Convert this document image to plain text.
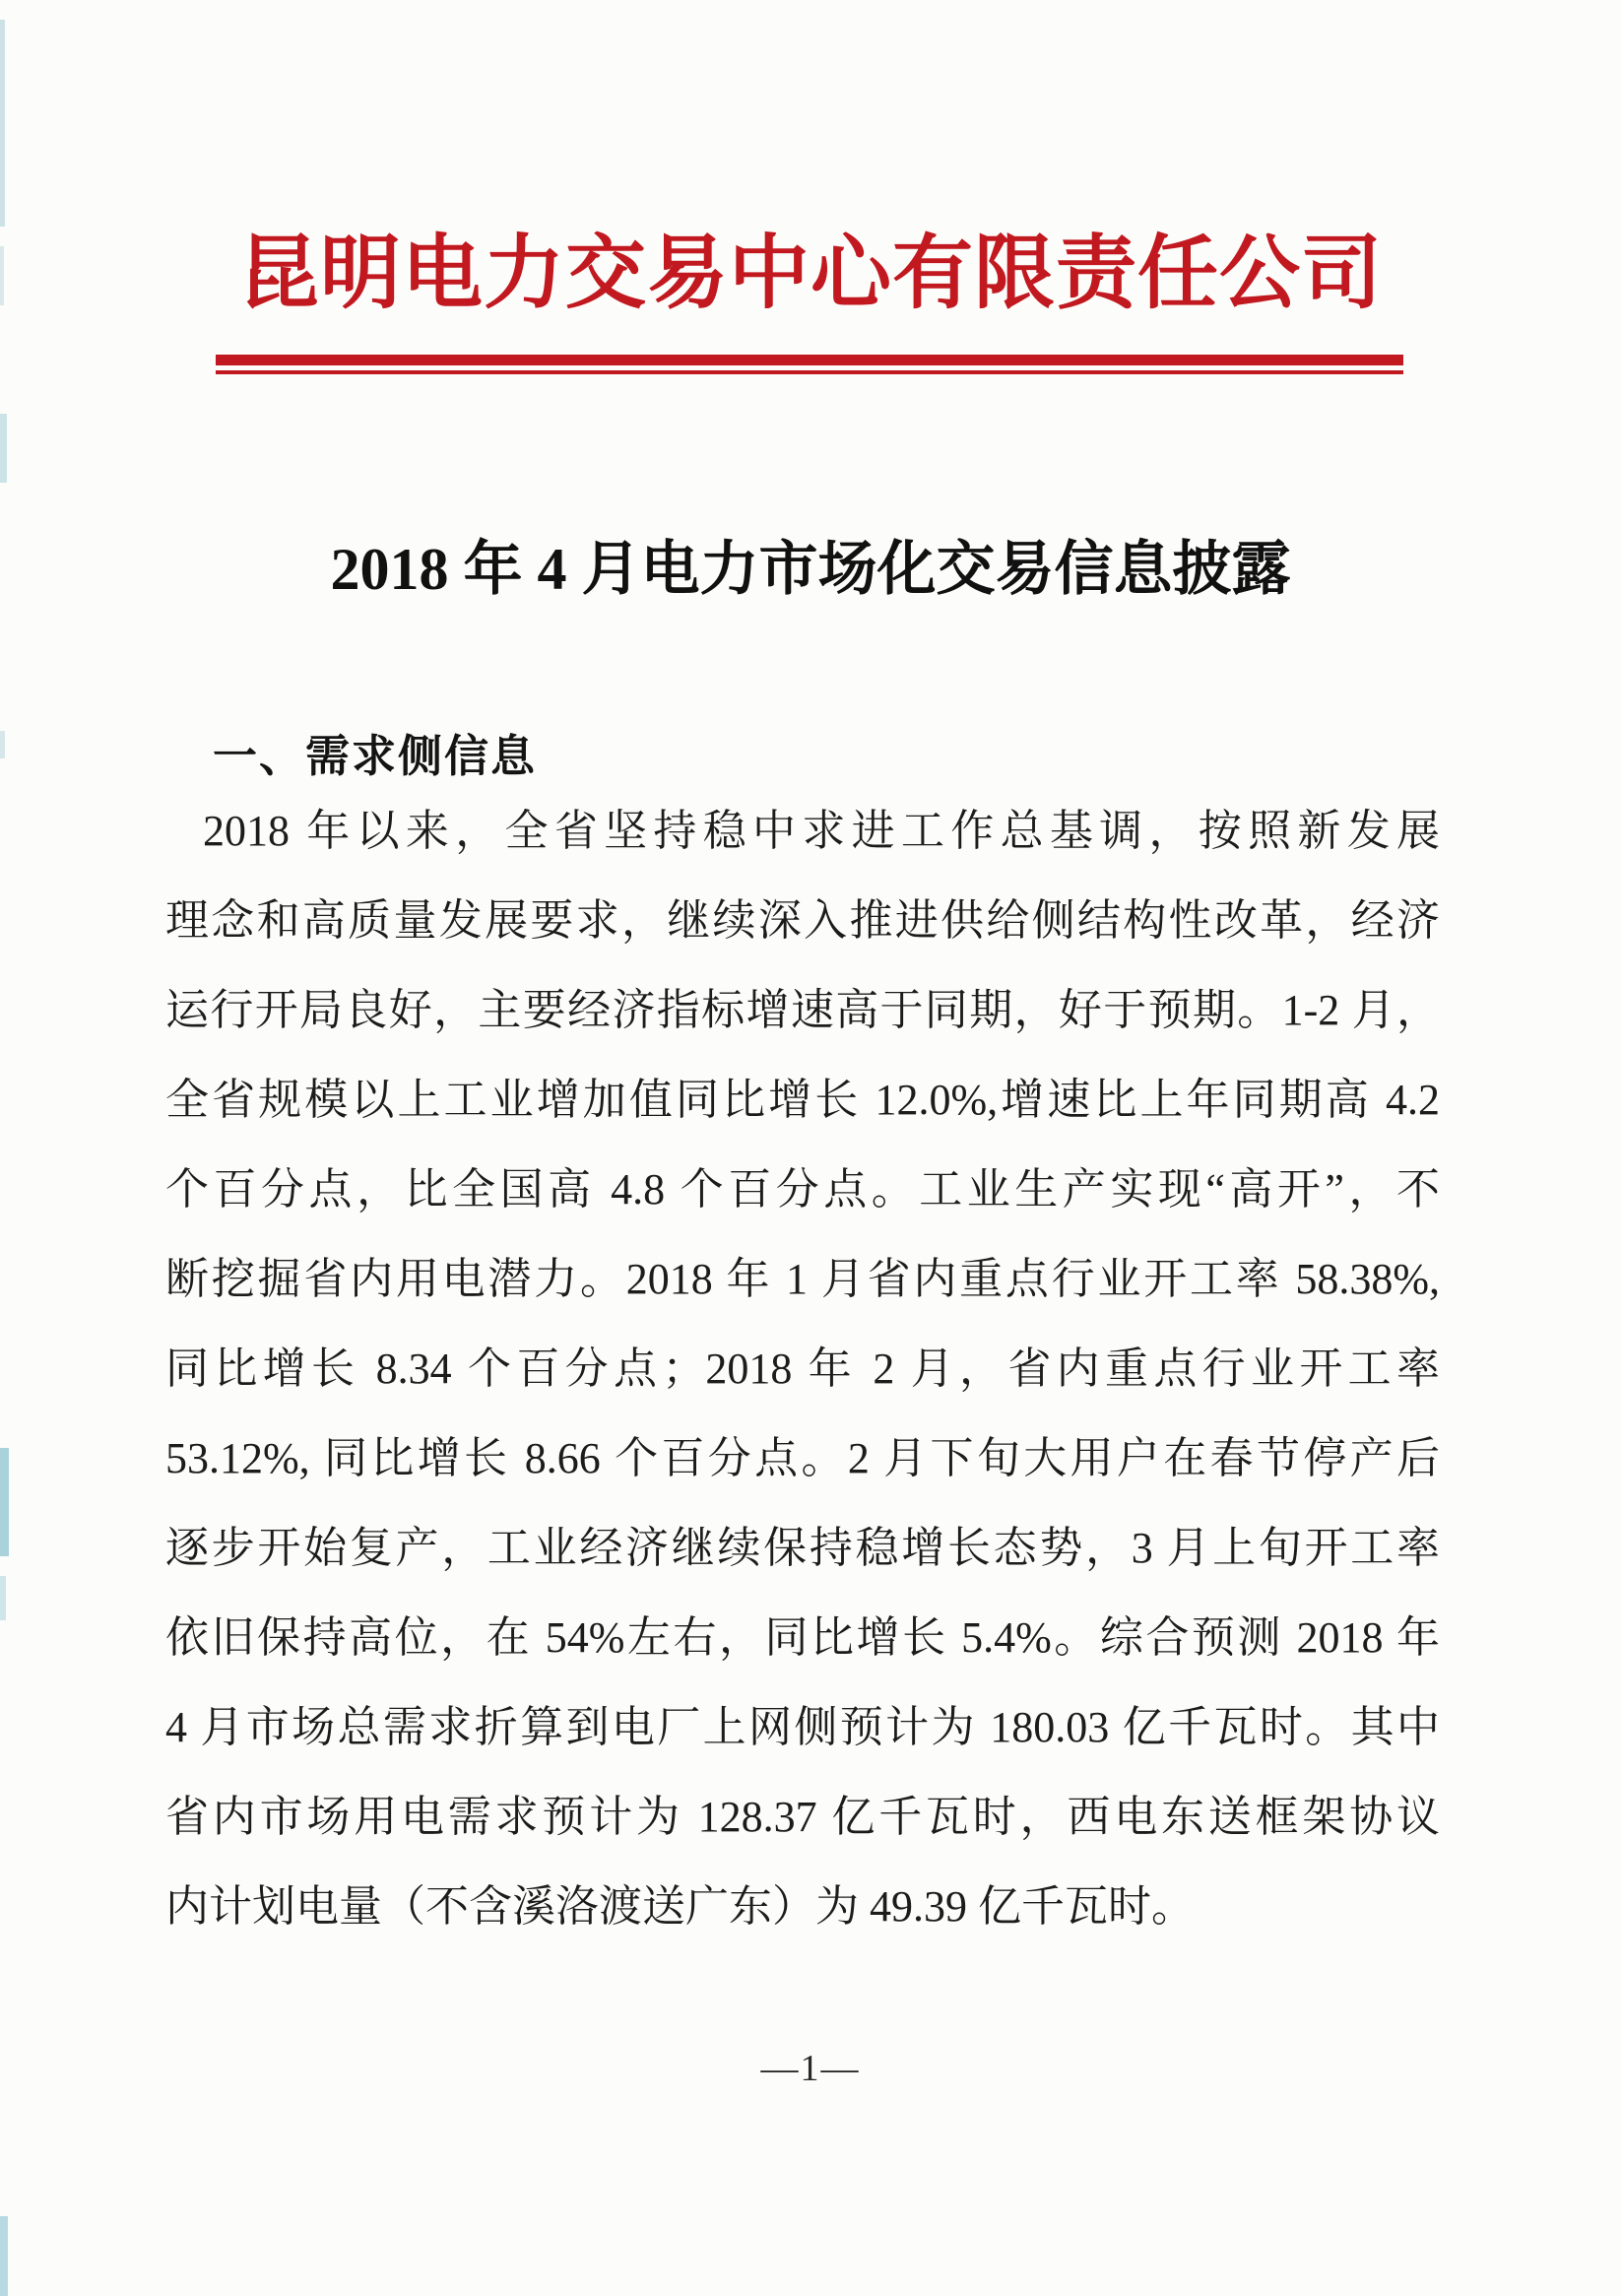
昆明电力交易中心有限责任公司
2018 年 4 月电力市场化交易信息披露
一、需求侧信息
2018 年以来，全省坚持稳中求进工作总基调，按照新发展
理念和高质量发展要求，继续深入推进供给侧结构性改革，经济
运行开局良好，主要经济指标增速高于同期，好于预期。1-2 月，
全省规模以上工业增加值同比增长 12.0%,增速比上年同期高 4.2
个百分点，比全国高 4.8 个百分点。工业生产实现“高开”，不
断挖掘省内用电潜力。2018 年 1 月省内重点行业开工率 58.38%,
同比增长 8.34 个百分点；2018 年 2 月，省内重点行业开工率
53.12%, 同比增长 8.66 个百分点。2 月下旬大用户在春节停产后
逐步开始复产，工业经济继续保持稳增长态势，3 月上旬开工率
依旧保持高位，在 54%左右，同比增长 5.4%。综合预测 2018 年
4 月市场总需求折算到电厂上网侧预计为 180.03 亿千瓦时。其中
省内市场用电需求预计为 128.37 亿千瓦时，西电东送框架协议
内计划电量（不含溪洛渡送广东）为 49.39 亿千瓦时。
—1—
